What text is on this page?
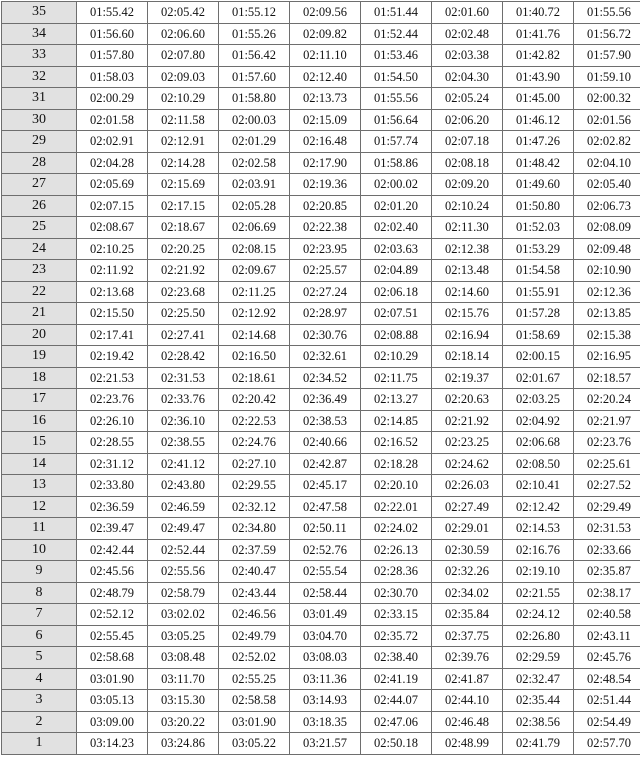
35	01:55.42	02:05.42	01:55.12	02:09.56	01:51.44	02:01.60	01:40.72	01:55.56
34	01:56.60	02:06.60	01:55.26	02:09.82	01:52.44	02:02.48	01:41.76	01:56.72
33	01:57.80	02:07.80	01:56.42	02:11.10	01:53.46	02:03.38	01:42.82	01:57.90
32	01:58.03	02:09.03	01:57.60	02:12.40	01:54.50	02:04.30	01:43.90	01:59.10
31	02:00.29	02:10.29	01:58.80	02:13.73	01:55.56	02:05.24	01:45.00	02:00.32
30	02:01.58	02:11.58	02:00.03	02:15.09	01:56.64	02:06.20	01:46.12	02:01.56
29	02:02.91	02:12.91	02:01.29	02:16.48	01:57.74	02:07.18	01:47.26	02:02.82
28	02:04.28	02:14.28	02:02.58	02:17.90	01:58.86	02:08.18	01:48.42	02:04.10
27	02:05.69	02:15.69	02:03.91	02:19.36	02:00.02	02:09.20	01:49.60	02:05.40
26	02:07.15	02:17.15	02:05.28	02:20.85	02:01.20	02:10.24	01:50.80	02:06.73
25	02:08.67	02:18.67	02:06.69	02:22.38	02:02.40	02:11.30	01:52.03	02:08.09
24	02:10.25	02:20.25	02:08.15	02:23.95	02:03.63	02:12.38	01:53.29	02:09.48
23	02:11.92	02:21.92	02:09.67	02:25.57	02:04.89	02:13.48	01:54.58	02:10.90
22	02:13.68	02:23.68	02:11.25	02:27.24	02:06.18	02:14.60	01:55.91	02:12.36
21	02:15.50	02:25.50	02:12.92	02:28.97	02:07.51	02:15.76	01:57.28	02:13.85
20	02:17.41	02:27.41	02:14.68	02:30.76	02:08.88	02:16.94	01:58.69	02:15.38
19	02:19.42	02:28.42	02:16.50	02:32.61	02:10.29	02:18.14	02:00.15	02:16.95
18	02:21.53	02:31.53	02:18.61	02:34.52	02:11.75	02:19.37	02:01.67	02:18.57
17	02:23.76	02:33.76	02:20.42	02:36.49	02:13.27	02:20.63	02:03.25	02:20.24
16	02:26.10	02:36.10	02:22.53	02:38.53	02:14.85	02:21.92	02:04.92	02:21.97
15	02:28.55	02:38.55	02:24.76	02:40.66	02:16.52	02:23.25	02:06.68	02:23.76
14	02:31.12	02:41.12	02:27.10	02:42.87	02:18.28	02:24.62	02:08.50	02:25.61
13	02:33.80	02:43.80	02:29.55	02:45.17	02:20.10	02:26.03	02:10.41	02:27.52
12	02:36.59	02:46.59	02:32.12	02:47.58	02:22.01	02:27.49	02:12.42	02:29.49
11	02:39.47	02:49.47	02:34.80	02:50.11	02:24.02	02:29.01	02:14.53	02:31.53
10	02:42.44	02:52.44	02:37.59	02:52.76	02:26.13	02:30.59	02:16.76	02:33.66
9	02:45.56	02:55.56	02:40.47	02:55.54	02:28.36	02:32.26	02:19.10	02:35.87
8	02:48.79	02:58.79	02:43.44	02:58.44	02:30.70	02:34.02	02:21.55	02:38.17
7	02:52.12	03:02.02	02:46.56	03:01.49	02:33.15	02:35.84	02:24.12	02:40.58
6	02:55.45	03:05.25	02:49.79	03:04.70	02:35.72	02:37.75	02:26.80	02:43.11
5	02:58.68	03:08.48	02:52.02	03:08.03	02:38.40	02:39.76	02:29.59	02:45.76
4	03:01.90	03:11.70	02:55.25	03:11.36	02:41.19	02:41.87	02:32.47	02:48.54
3	03:05.13	03:15.30	02:58.58	03:14.93	02:44.07	02:44.10	02:35.44	02:51.44
2	03:09.00	03:20.22	03:01.90	03:18.35	02:47.06	02:46.48	02:38.56	02:54.49
1	03:14.23	03:24.86	03:05.22	03:21.57	02:50.18	02:48.99	02:41.79	02:57.70
